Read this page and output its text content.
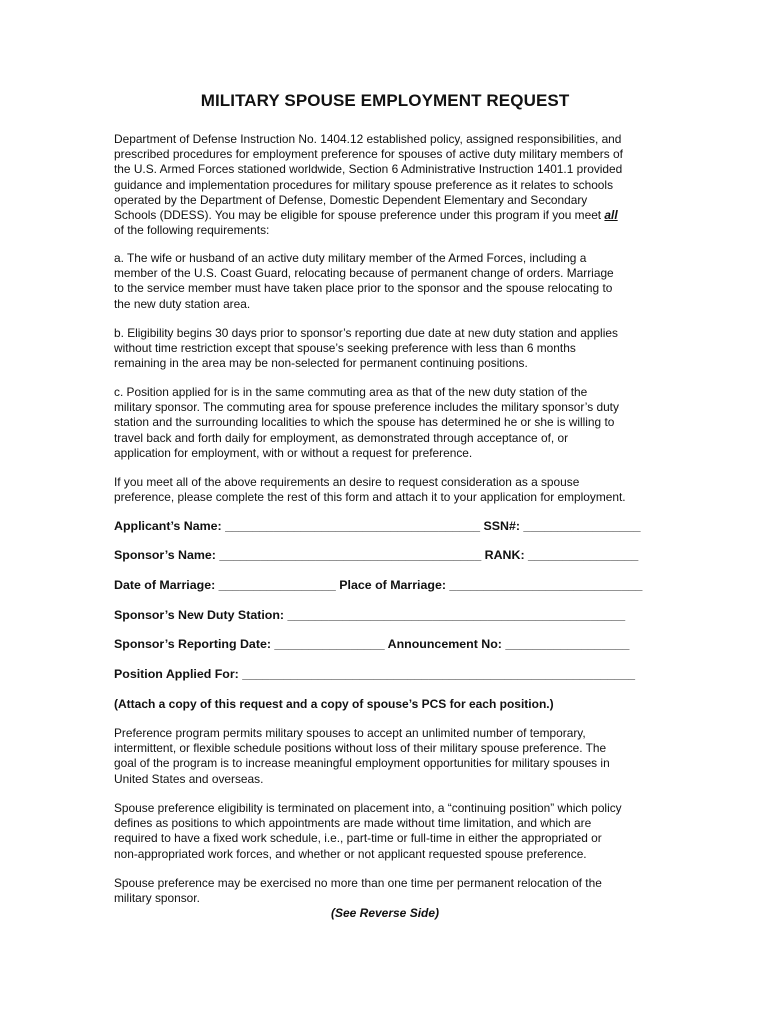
MILITARY SPOUSE EMPLOYMENT REQUEST

Department of Defense Instruction No. 1404.12 established policy, assigned responsibilities, and

prescribed procedures for employment preference for spouses of active duty military members of

the U.S. Armed Forces stationed worldwide, Section 6 Administrative Instruction 1401.1 provided

guidance and implementation procedures for military spouse preference as it relates to schools

operated by the Department of Defense, Domestic Dependent Elementary and Secondary

Schools (DDESS). You may be eligible for spouse preference under this program if you meet all

of the following requirements:

a. The wife or husband of an active duty military member of the Armed Forces, including a

member of the U.S. Coast Guard, relocating because of permanent change of orders. Marriage

to the service member must have taken place prior to the sponsor and the spouse relocating to

the new duty station area.

b. Eligibility begins 30 days prior to sponsor’s reporting due date at new duty station and applies

without time restriction except that spouse’s seeking preference with less than 6 months

remaining in the area may be non-selected for permanent continuing positions.

c. Position applied for is in the same commuting area as that of the new duty station of the

military sponsor. The commuting area for spouse preference includes the military sponsor’s duty

station and the surrounding localities to which the spouse has determined he or she is willing to

travel back and forth daily for employment, as demonstrated through acceptance of, or

application for employment, with or without a request for preference.

If you meet all of the above requirements an desire to request consideration as a spouse

preference, please complete the rest of this form and attach it to your application for employment.

Applicant’s Name: _____________________________________ SSN#: _________________
Sponsor’s Name: ______________________________________ RANK: ________________
Date of Marriage: _________________ Place of Marriage: ____________________________
Sponsor’s New Duty Station: _________________________________________________
Sponsor’s Reporting Date: ________________ Announcement No: __________________
Position Applied For: _________________________________________________________
(Attach a copy of this request and a copy of spouse’s PCS for each position.)

Preference program permits military spouses to accept an unlimited number of temporary,

intermittent, or flexible schedule positions without loss of their military spouse preference. The

goal of the program is to increase meaningful employment opportunities for military spouses in

United States and overseas.

Spouse preference eligibility is terminated on placement into, a “continuing position” which policy

defines as positions to which appointments are made without time limitation, and which are

required to have a fixed work schedule, i.e., part-time or full-time in either the appropriated or

non-appropriated work forces, and whether or not applicant requested spouse preference.

Spouse preference may be exercised no more than one time per permanent relocation of the

military sponsor.

(See Reverse Side)
